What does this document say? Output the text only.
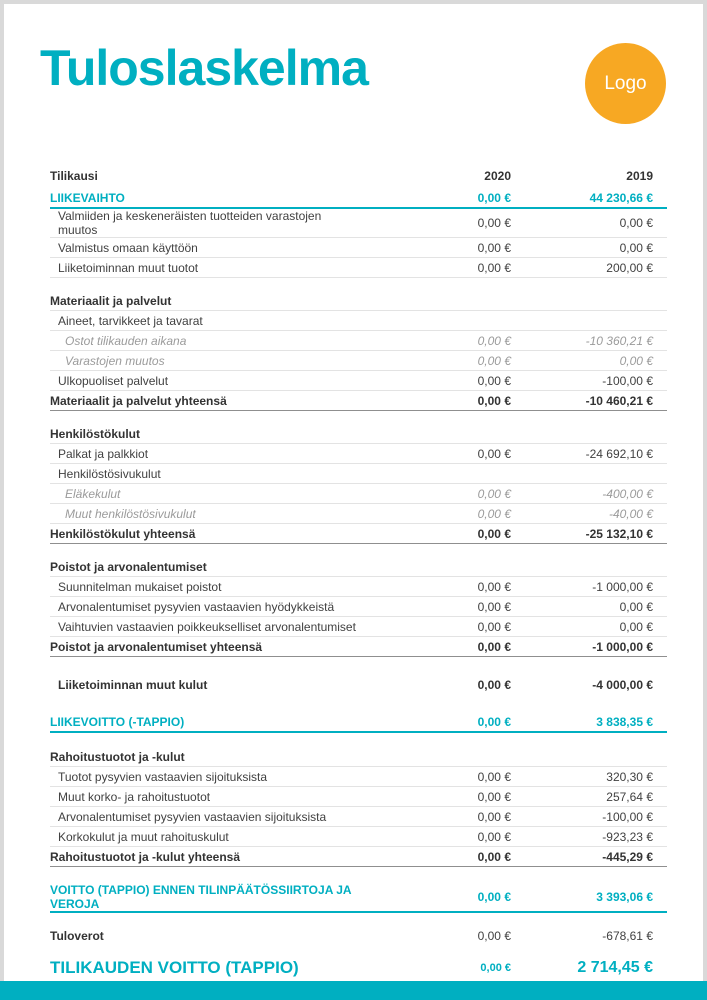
Tuloslaskelma	Logo
Tilikausi	2020	2019
LIIKEVAIHTO	0,00 €	44 230,66 €
Valmiiden ja keskeneräisten tuotteiden varastojen muutos	0,00 €	0,00 €
Valmistus omaan käyttöön	0,00 €	0,00 €
Liiketoiminnan muut tuotot	0,00 €	200,00 €
Materiaalit ja palvelut
Aineet, tarvikkeet ja tavarat
Ostot tilikauden aikana	0,00 €	-10 360,21 €
Varastojen muutos	0,00 €	0,00 €
Ulkopuoliset palvelut	0,00 €	-100,00 €
Materiaalit ja palvelut yhteensä	0,00 €	-10 460,21 €
Henkilöstökulut
Palkat ja palkkiot	0,00 €	-24 692,10 €
Henkilöstösivukulut
Eläkekulut	0,00 €	-400,00 €
Muut henkilöstösivukulut	0,00 €	-40,00 €
Henkilöstökulut yhteensä	0,00 €	-25 132,10 €
Poistot ja arvonalentumiset
Suunnitelman mukaiset poistot	0,00 €	-1 000,00 €
Arvonalentumiset pysyvien vastaavien hyödykkeistä	0,00 €	0,00 €
Vaihtuvien vastaavien poikkeukselliset arvonalentumiset	0,00 €	0,00 €
Poistot ja arvonalentumiset yhteensä	0,00 €	-1 000,00 €
Liiketoiminnan muut kulut	0,00 €	-4 000,00 €
LIIKEVOITTO (-TAPPIO)	0,00 €	3 838,35 €
Rahoitustuotot ja -kulut
Tuotot pysyvien vastaavien sijoituksista	0,00 €	320,30 €
Muut korko- ja rahoitustuotot	0,00 €	257,64 €
Arvonalentumiset pysyvien vastaavien sijoituksista	0,00 €	-100,00 €
Korkokulut ja muut rahoituskulut	0,00 €	-923,23 €
Rahoitustuotot ja -kulut yhteensä	0,00 €	-445,29 €
VOITTO (TAPPIO) ENNEN TILINPÄÄTÖSSIIRTOJA JA VEROJA	0,00 €	3 393,06 €
Tuloverot	0,00 €	-678,61 €
TILIKAUDEN VOITTO (TAPPIO)	0,00 €	2 714,45 €
